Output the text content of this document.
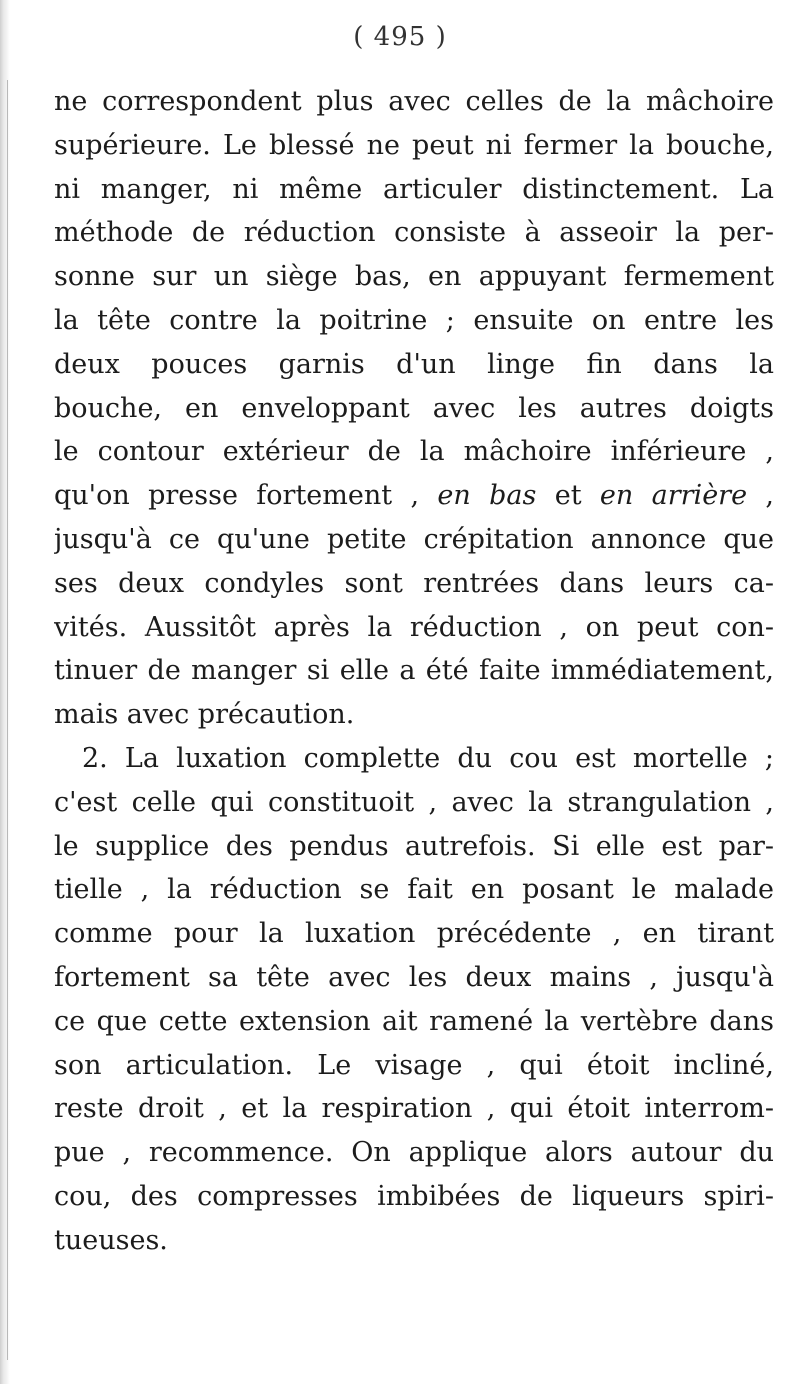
( 495 )
ne correspondent plus avec celles de la mâchoire
supérieure. Le blessé ne peut ni fermer la bouche,
ni manger, ni même articuler distinctement. La
méthode de réduction consiste à asseoir la per-
sonne sur un siège bas, en appuyant fermement
la tête contre la poitrine ; ensuite on entre les
deux pouces garnis d'un linge fin dans la
bouche, en enveloppant avec les autres doigts
le contour extérieur de la mâchoire inférieure ,
qu'on presse fortement , en bas et en arrière ,
jusqu'à ce qu'une petite crépitation annonce que
ses deux condyles sont rentrées dans leurs ca-
vités. Aussitôt après la réduction , on peut con-
tinuer de manger si elle a été faite immédiatement,
mais avec précaution.
2. La luxation complette du cou est mortelle ;
c'est celle qui constituoit , avec la strangulation ,
le supplice des pendus autrefois. Si elle est par-
tielle , la réduction se fait en posant le malade
comme pour la luxation précédente , en tirant
fortement sa tête avec les deux mains , jusqu'à
ce que cette extension ait ramené la vertèbre dans
son articulation. Le visage , qui étoit incliné,
reste droit , et la respiration , qui étoit interrom-
pue , recommence. On applique alors autour du
cou, des compresses imbibées de liqueurs spiri-
tueuses.
